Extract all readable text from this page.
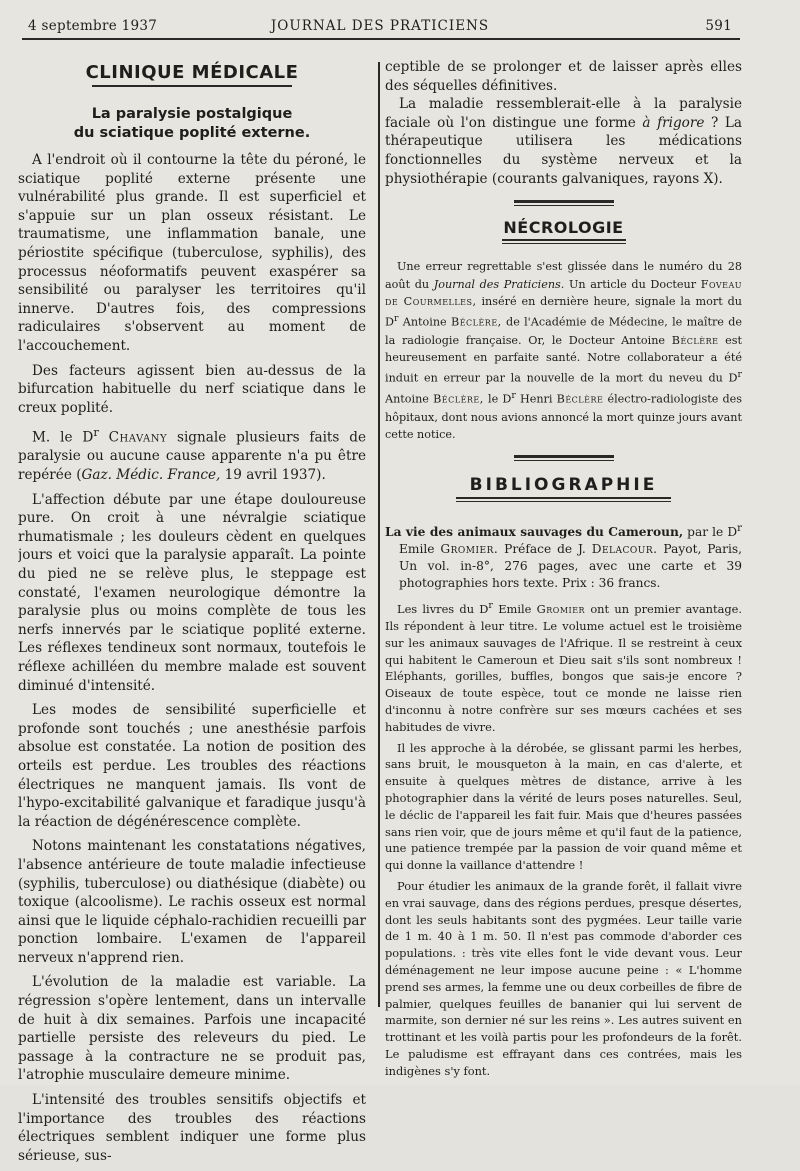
4 septembre 1937	JOURNAL DES PRATICIENS	591
CLINIQUE MÉDICALE
La paralysie postalgique
du sciatique poplité externe.

A l'endroit où il contourne la tête du péroné, le sciatique poplité externe présente une vulnérabilité plus grande. Il est superficiel et s'appuie sur un plan osseux résistant. Le traumatisme, une inflammation banale, une périostite spécifique (tuberculose, syphilis), des processus néoformatifs peuvent exaspérer sa sensibilité ou paralyser les territoires qu'il innerve. D'autres fois, des compressions radiculaires s'observent au moment de l'accouchement.

Des facteurs agissent bien au-dessus de la bifurcation habituelle du nerf sciatique dans le creux poplité.

M. le $D^r$ Chavany signale plusieurs faits de paralysie ou aucune cause apparente n'a pu être repérée (Gaz. Médic. France, 19 avril 1937).

L'affection débute par une étape douloureuse pure. On croit à une névralgie sciatique rhumatismale ; les douleurs cèdent en quelques jours et voici que la paralysie apparaît. La pointe du pied ne se relève plus, le steppage est constaté, l'examen neurologique démontre la paralysie plus ou moins complète de tous les nerfs innervés par le sciatique poplité externe. Les réflexes tendineux sont normaux, toutefois le réflexe achilléen du membre malade est souvent diminué d'intensité.

Les modes de sensibilité superficielle et profonde sont touchés ; une anesthésie parfois absolue est constatée. La notion de position des orteils est perdue. Les troubles des réactions électriques ne manquent jamais. Ils vont de l'hypo-excitabilité galvanique et faradique jusqu'à la réaction de dégénérescence complète.

Notons maintenant les constatations négatives, l'absence antérieure de toute maladie infectieuse (syphilis, tuberculose) ou diathésique (diabète) ou toxique (alcoolisme). Le rachis osseux est normal ainsi que le liquide céphalo-rachidien recueilli par ponction lombaire. L'examen de l'appareil nerveux n'apprend rien.

L'évolution de la maladie est variable. La régression s'opère lentement, dans un intervalle de huit à dix semaines. Parfois une incapacité partielle persiste des releveurs du pied. Le passage à la contracture ne se produit pas, l'atrophie musculaire demeure minime.

L'intensité des troubles sensitifs objectifs et l'importance des troubles des réactions électriques semblent indiquer une forme plus sérieuse, sus-

ceptible de se prolonger et de laisser après elles des séquelles définitives.

La maladie ressemblerait-elle à la paralysie faciale où l'on distingue une forme à frigore ? La thérapeutique utilisera les médications fonctionnelles du système nerveux et la physiothérapie (courants galvaniques, rayons X).

NÉCROLOGIE

Une erreur regrettable s'est glissée dans le numéro du 28 août du Journal des Praticiens. Un article du Docteur Foveau de Courmelles, inséré en dernière heure, signale la mort du $D^r$ Antoine Béclère, de l'Académie de Médecine, le maître de la radiologie française. Or, le Docteur Antoine Béclère est heureusement en parfaite santé. Notre collaborateur a été induit en erreur par la nouvelle de la mort du neveu du $D^r$ Antoine Béclère, le $D^r$ Henri Béclère électro-radiologiste des hôpitaux, dont nous avions annoncé la mort quinze jours avant cette notice.

BIBLIOGRAPHIE

La vie des animaux sauvages du Cameroun, par le $D^r$ Emile Gromier. Préface de J. Delacour. Payot, Paris, Un vol. in-8°, 276 pages, avec une carte et 39 photographies hors texte. Prix : 36 francs.

Les livres du $D^r$ Emile Gromier ont un premier avantage. Ils répondent à leur titre. Le volume actuel est le troisième sur les animaux sauvages de l'Afrique. Il se restreint à ceux qui habitent le Cameroun et Dieu sait s'ils sont nombreux ! Eléphants, gorilles, buffles, bongos que sais-je encore ? Oiseaux de toute espèce, tout ce monde ne laisse rien d'inconnu à notre confrère sur ses mœurs cachées et ses habitudes de vivre.

Il les approche à la dérobée, se glissant parmi les herbes, sans bruit, le mousqueton à la main, en cas d'alerte, et ensuite à quelques mètres de distance, arrive à les photographier dans la vérité de leurs poses naturelles. Seul, le déclic de l'appareil les fait fuir. Mais que d'heures passées sans rien voir, que de jours même et qu'il faut de la patience, une patience trempée par la passion de voir quand même et qui donne la vaillance d'attendre !

Pour étudier les animaux de la grande forêt, il fallait vivre en vrai sauvage, dans des régions perdues, presque désertes, dont les seuls habitants sont des pygmées. Leur taille varie de 1 m. 40 à 1 m. 50. Il n'est pas commode d'aborder ces populations. : très vite elles font le vide devant vous. Leur déménagement ne leur impose aucune peine : « L'homme prend ses armes, la femme une ou deux corbeilles de fibre de palmier, quelques feuilles de bananier qui lui servent de marmite, son dernier né sur les reins ». Les autres suivent en trottinant et les voilà partis pour les profondeurs de la forêt. Le paludisme est effrayant dans ces contrées, mais les indigènes s'y font.
